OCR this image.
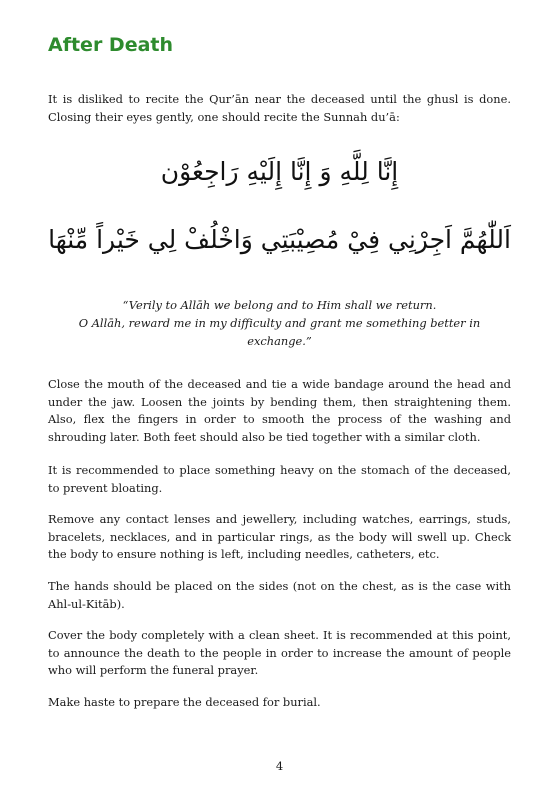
After Death

It is disliked to recite the Qur’ān near the deceased until the ghusl is done. Closing their eyes gently, one should recite the Sunnah du’ā:

إِنَّا لِلَّهِ وَ إِنَّا إِلَيْهِ رَاجِعُوْن

اَللّٰهُمَّ اَجِرْنِي فِيْ مُصِيْبَتِي وَاخْلُفْ لِي خَيْراً مِّنْهَا

“Verily to Allāh we belong and to Him shall we return.
O Allāh, reward me in my difficulty and grant me something better in exchange.”

Close the mouth of the deceased and tie a wide bandage around the head and under the jaw. Loosen the joints by bending them, then straightening them. Also, flex the fingers in order to smooth the process of the washing and shrouding later. Both feet should also be tied together with a similar cloth.

It is recommended to place something heavy on the stomach of the deceased, to prevent bloating.

Remove any contact lenses and jewellery, including watches, earrings, studs, bracelets, necklaces, and in particular rings, as the body will swell up. Check the body to ensure nothing is left, including needles, catheters, etc.

The hands should be placed on the sides (not on the chest, as is the case with Ahl-ul-Kitāb).

Cover the body completely with a clean sheet. It is recommended at this point, to announce the death to the people in order to increase the amount of people who will perform the funeral prayer.

Make haste to prepare the deceased for burial.

4
